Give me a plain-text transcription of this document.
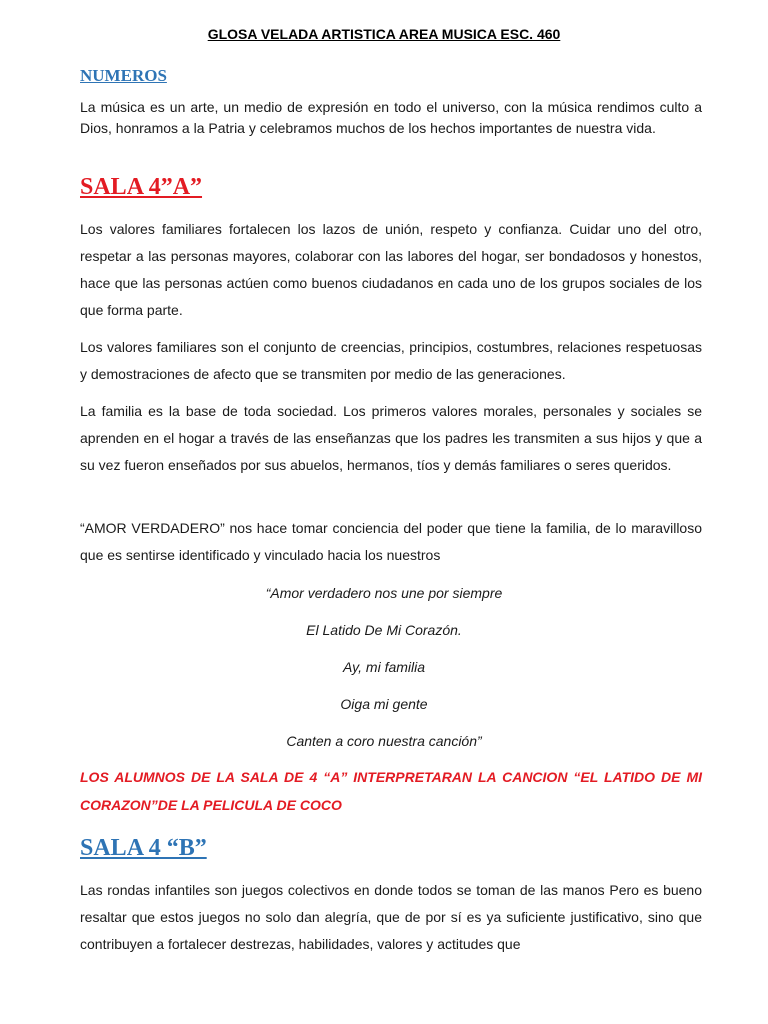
GLOSA VELADA ARTISTICA AREA MUSICA ESC. 460
NUMEROS

La música es un arte, un medio de expresión en todo el universo, con la música rendimos culto a Dios, honramos a la Patria y celebramos muchos de los hechos importantes de nuestra vida.

SALA 4”A”

Los valores familiares fortalecen los lazos de unión, respeto y confianza. Cuidar uno del otro, respetar a las personas mayores, colaborar con las labores del hogar, ser bondadosos y honestos, hace que las personas actúen como buenos ciudadanos en cada uno de los grupos sociales de los que forma parte.

Los valores familiares son el conjunto de creencias, principios, costumbres, relaciones respetuosas y demostraciones de afecto que se transmiten por medio de las generaciones.

La familia es la base de toda sociedad. Los primeros valores morales, personales y sociales se aprenden en el hogar a través de las enseñanzas que los padres les transmiten a sus hijos y que a su vez fueron enseñados por sus abuelos, hermanos, tíos y demás familiares o seres queridos.

“AMOR VERDADERO” nos hace tomar conciencia del poder que tiene la familia, de lo maravilloso que es sentirse identificado y vinculado hacia los nuestros

“Amor verdadero nos une por siempre

El Latido De Mi Corazón.

Ay, mi familia

Oiga mi gente

Canten a coro nuestra canción”

LOS ALUMNOS DE LA SALA DE 4 “A” INTERPRETARAN LA CANCION “EL LATIDO DE MI CORAZON”DE LA PELICULA DE COCO

SALA 4 “B”

Las rondas infantiles son juegos colectivos en donde todos se toman de las manos Pero es bueno resaltar que estos juegos no solo dan alegría, que de por sí es ya suficiente justificativo, sino que contribuyen a fortalecer destrezas, habilidades, valores y actitudes que
